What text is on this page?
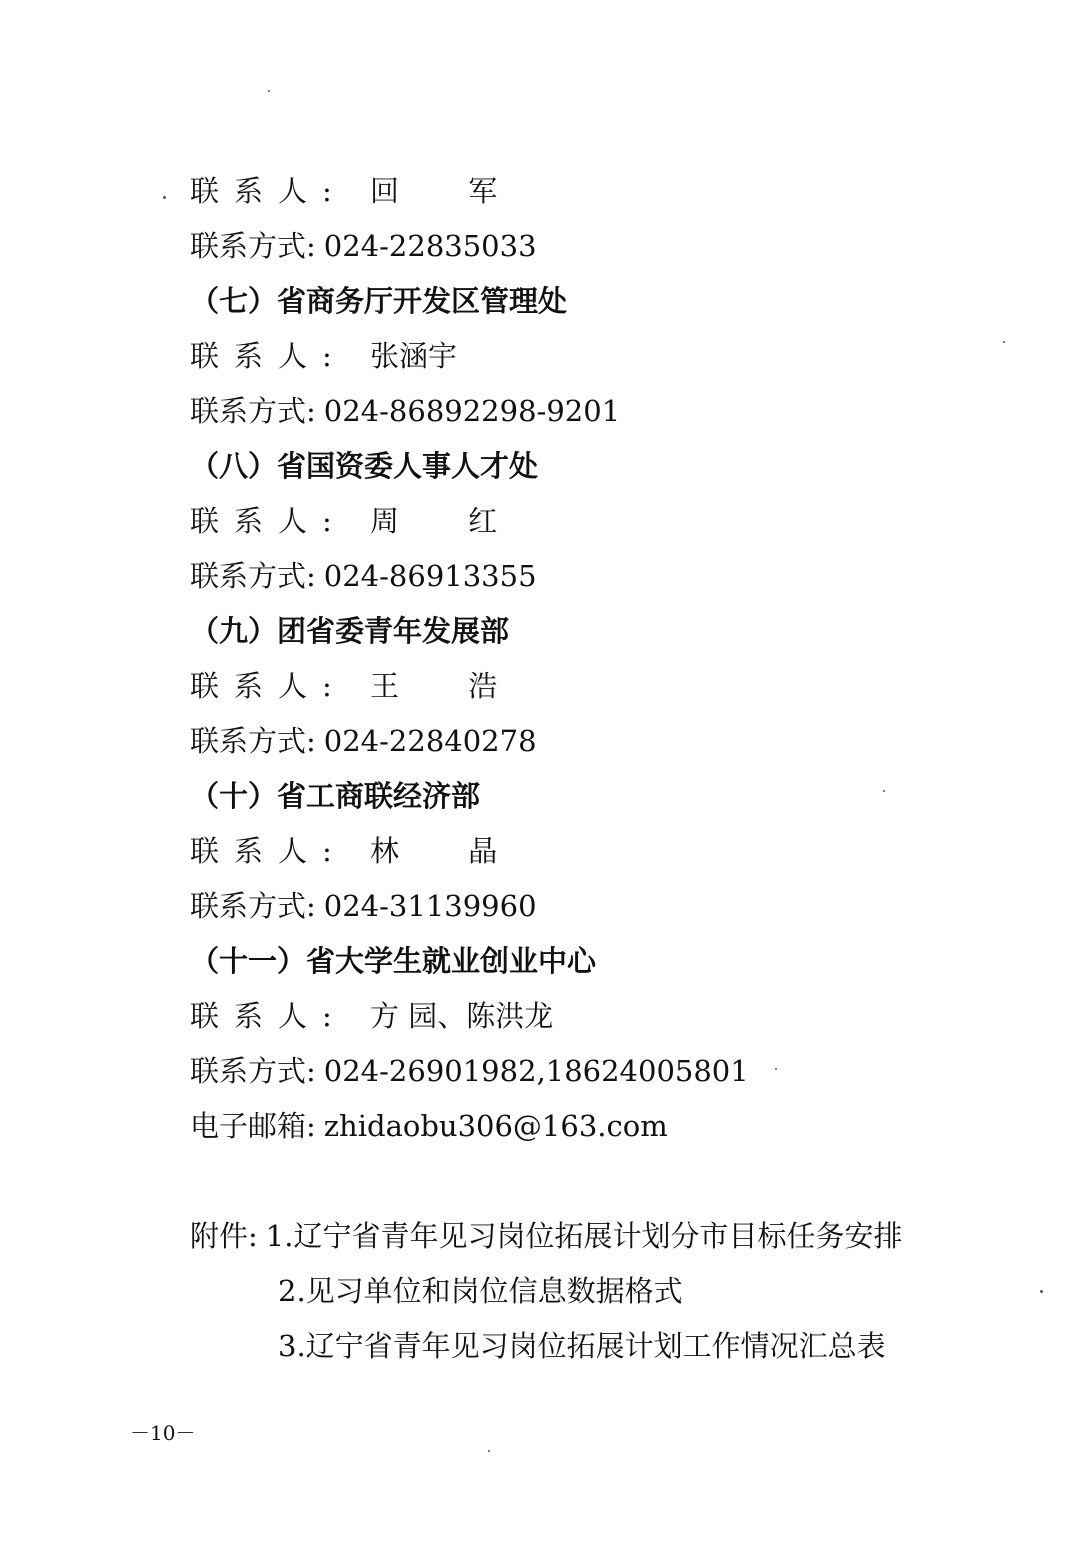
联系人: 回 军
联系方式: 024-22835033
（七）省商务厅开发区管理处
联系人: 张涵宇
联系方式: 024-86892298-9201
（八）省国资委人事人才处
联系人: 周 红
联系方式: 024-86913355
（九）团省委青年发展部
联系人: 王 浩
联系方式: 024-22840278
（十）省工商联经济部
联系人: 林 晶
联系方式: 024-31139960
（十一）省大学生就业创业中心
联系人: 方 园、陈洪龙
联系方式: 024-26901982,18624005801
电子邮箱: zhidaobu306@163.com
附件: 1.辽宁省青年见习岗位拓展计划分市目标任务安排
2.见习单位和岗位信息数据格式
3.辽宁省青年见习岗位拓展计划工作情况汇总表
－10－
